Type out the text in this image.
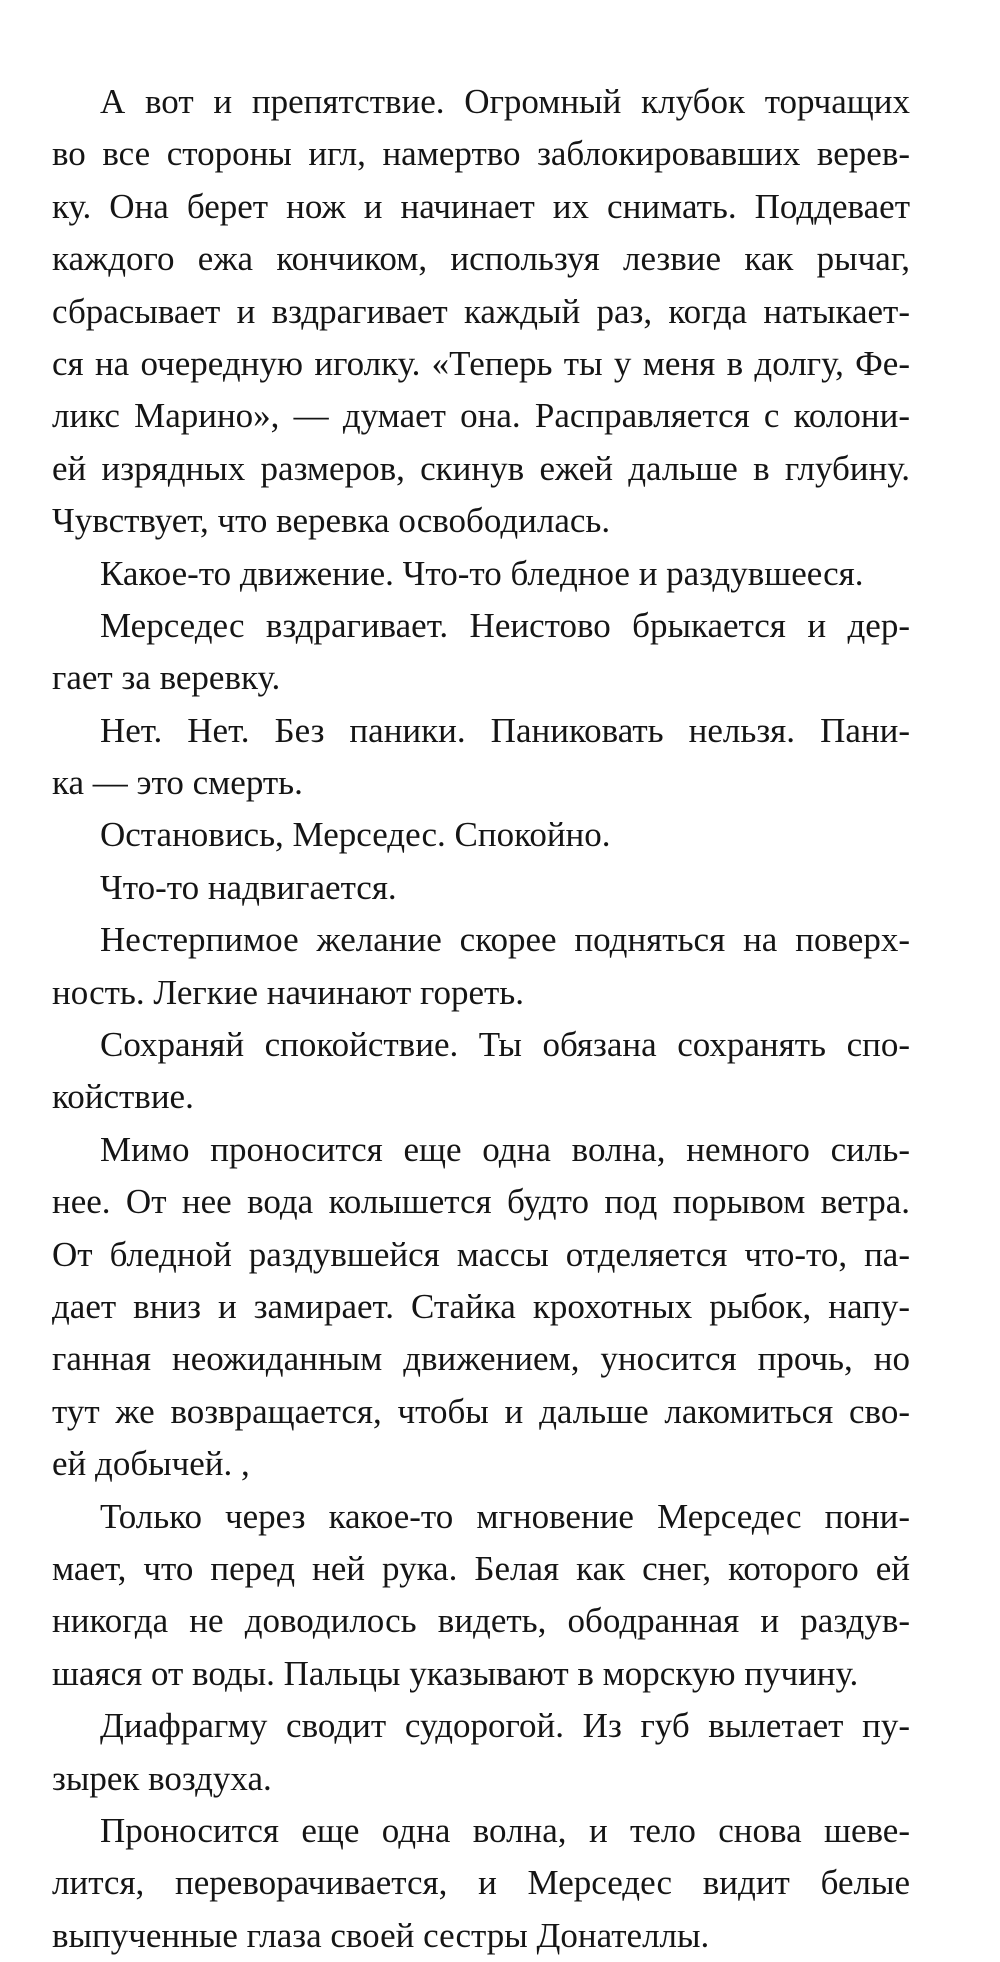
А вот и препятствие. Огромный клубок торчащих
во все стороны игл, намертво заблокировавших верев-
ку. Она берет нож и начинает их снимать. Поддевает
каждого ежа кончиком, используя лезвие как рычаг,
сбрасывает и вздрагивает каждый раз, когда натыкает-
ся на очередную иголку. «Теперь ты у меня в долгу, Фе-
ликс Марино», — думает она. Расправляется с колони-
ей изрядных размеров, скинув ежей дальше в глубину.
Чувствует, что веревка освободилась.
Какое-то движение. Что-то бледное и раздувшееся.
Мерседес вздрагивает. Неистово брыкается и дер-
гает за веревку.
Нет. Нет. Без паники. Паниковать нельзя. Пани-
ка — это смерть.
Остановись, Мерседес. Спокойно.
Что-то надвигается.
Нестерпимое желание скорее подняться на поверх-
ность. Легкие начинают гореть.
Сохраняй спокойствие. Ты обязана сохранять спо-
койствие.
Мимо проносится еще одна волна, немного силь-
нее. От нее вода колышется будто под порывом ветра.
От бледной раздувшейся массы отделяется что-то, па-
дает вниз и замирает. Стайка крохотных рыбок, напу-
ганная неожиданным движением, уносится прочь, но
тут же возвращается, чтобы и дальше лакомиться сво-
ей добычей. ,
Только через какое-то мгновение Мерседес пони-
мает, что перед ней рука. Белая как снег, которого ей
никогда не доводилось видеть, ободранная и раздув-
шаяся от воды. Пальцы указывают в морскую пучину.
Диафрагму сводит судорогой. Из губ вылетает пу-
зырек воздуха.
Проносится еще одна волна, и тело снова шеве-
лится, переворачивается, и Мерседес видит белые
выпученные глаза своей сестры Донателлы.
